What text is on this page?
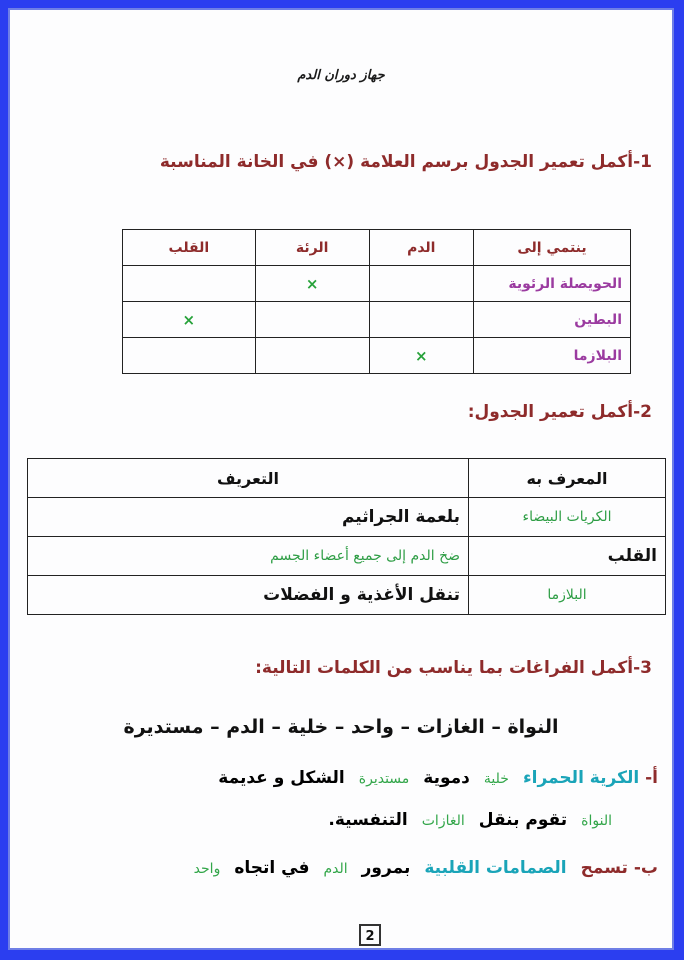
جهاز دوران الدم
1-أكمل تعمير الجدول برسم العلامة (×) في الخانة المناسبة
ينتمي إلى	الدم	الرئة	القلب
الحويصلة الرئوية		×	
البطين			×
البلازما	×		
2-أكمل تعمير الجدول:
المعرف به	التعريف
الكريات البيضاء	بلعمة الجراثيم
القلب	ضخ الدم إلى جميع أعضاء الجسم
البلازما	تنقل الأغذية و الفضلات
3-أكمل الفراغات بما يناسب من الكلمات التالية:
النواة – الغازات – واحد – خلية – الدم – مستديرة
أ- الكرية الحمراءخليةدمويةمستديرةالشكل و عديمة
النواةتقوم بنقلالغازاتالتنفسية.
ب- تسمحالصمامات القلبيةبمرورالدمفي اتجاهواحد
2
